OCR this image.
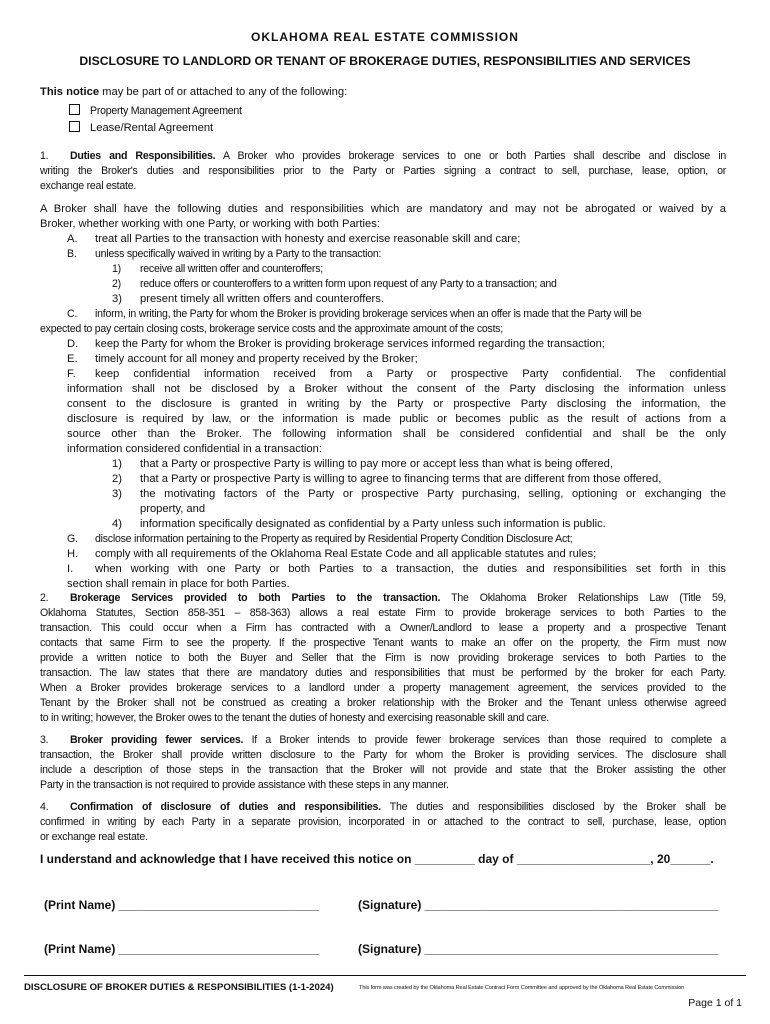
OKLAHOMA REAL ESTATE COMMISSION
DISCLOSURE TO LANDLORD OR TENANT OF BROKERAGE DUTIES, RESPONSIBILITIES AND SERVICES
This notice may be part of or attached to any of the following:
Property Management Agreement
Lease/Rental Agreement
1. Duties and Responsibilities. A Broker who provides brokerage services to one or both Parties shall describe and disclose in
writing the Broker's duties and responsibilities prior to the Party or Parties signing a contract to sell, purchase, lease, option, or
exchange real estate.
A Broker shall have the following duties and responsibilities which are mandatory and may not be abrogated or waived by a
Broker, whether working with one Party, or working with both Parties:
A. treat all Parties to the transaction with honesty and exercise reasonable skill and care;
B. unless specifically waived in writing by a Party to the transaction:
1) receive all written offer and counteroffers;
2) reduce offers or counteroffers to a written form upon request of any Party to a transaction; and
3) present timely all written offers and counteroffers.
C. inform, in writing, the Party for whom the Broker is providing brokerage services when an offer is made that the Party will be
expected to pay certain closing costs, brokerage service costs and the approximate amount of the costs;
D. keep the Party for whom the Broker is providing brokerage services informed regarding the transaction;
E. timely account for all money and property received by the Broker;
F. keep confidential information received from a Party or prospective Party confidential. The confidential
information shall not be disclosed by a Broker without the consent of the Party disclosing the information unless
consent to the disclosure is granted in writing by the Party or prospective Party disclosing the information, the
disclosure is required by law, or the information is made public or becomes public as the result of actions from a
source other than the Broker. The following information shall be considered confidential and shall be the only
information considered confidential in a transaction:
1) that a Party or prospective Party is willing to pay more or accept less than what is being offered,
2) that a Party or prospective Party is willing to agree to financing terms that are different from those offered,
3) the motivating factors of the Party or prospective Party purchasing, selling, optioning or exchanging the
property, and
4) information specifically designated as confidential by a Party unless such information is public.
G. disclose information pertaining to the Property as required by Residential Property Condition Disclosure Act;
H. comply with all requirements of the Oklahoma Real Estate Code and all applicable statutes and rules;
I. when working with one Party or both Parties to a transaction, the duties and responsibilities set forth in this
section shall remain in place for both Parties.
2. Brokerage Services provided to both Parties to the transaction. The Oklahoma Broker Relationships Law (Title 59,
Oklahoma Statutes, Section 858-351 – 858-363) allows a real estate Firm to provide brokerage services to both Parties to the
transaction. This could occur when a Firm has contracted with a Owner/Landlord to lease a property and a prospective Tenant
contacts that same Firm to see the property. If the prospective Tenant wants to make an offer on the property, the Firm must now
provide a written notice to both the Buyer and Seller that the Firm is now providing brokerage services to both Parties to the
transaction. The law states that there are mandatory duties and responsibilities that must be performed by the broker for each Party.
When a Broker provides brokerage services to a landlord under a property management agreement, the services provided to the
Tenant by the Broker shall not be construed as creating a broker relationship with the Broker and the Tenant unless otherwise agreed
to in writing; however, the Broker owes to the tenant the duties of honesty and exercising reasonable skill and care.
3. Broker providing fewer services. If a Broker intends to provide fewer brokerage services than those required to complete a
transaction, the Broker shall provide written disclosure to the Party for whom the Broker is providing services. The disclosure shall
include a description of those steps in the transaction that the Broker will not provide and state that the Broker assisting the other
Party in the transaction is not required to provide assistance with these steps in any manner.
4. Confirmation of disclosure of duties and responsibilities. The duties and responsibilities disclosed by the Broker shall be
confirmed in writing by each Party in a separate provision, incorporated in or attached to the contract to sell, purchase, lease, option
or exchange real estate.
I understand and acknowledge that I have received this notice on _________ day of ____________________, 20______.
(Print Name) ______________________________	(Signature) ____________________________________________
(Print Name) ______________________________	(Signature) ____________________________________________
DISCLOSURE OF BROKER DUTIES & RESPONSIBILITIES (1-1-2024)	This form was created by the Oklahoma Real Estate Contract Form Committee and approved by the Oklahoma Real Estate Commission
Page 1 of 1
